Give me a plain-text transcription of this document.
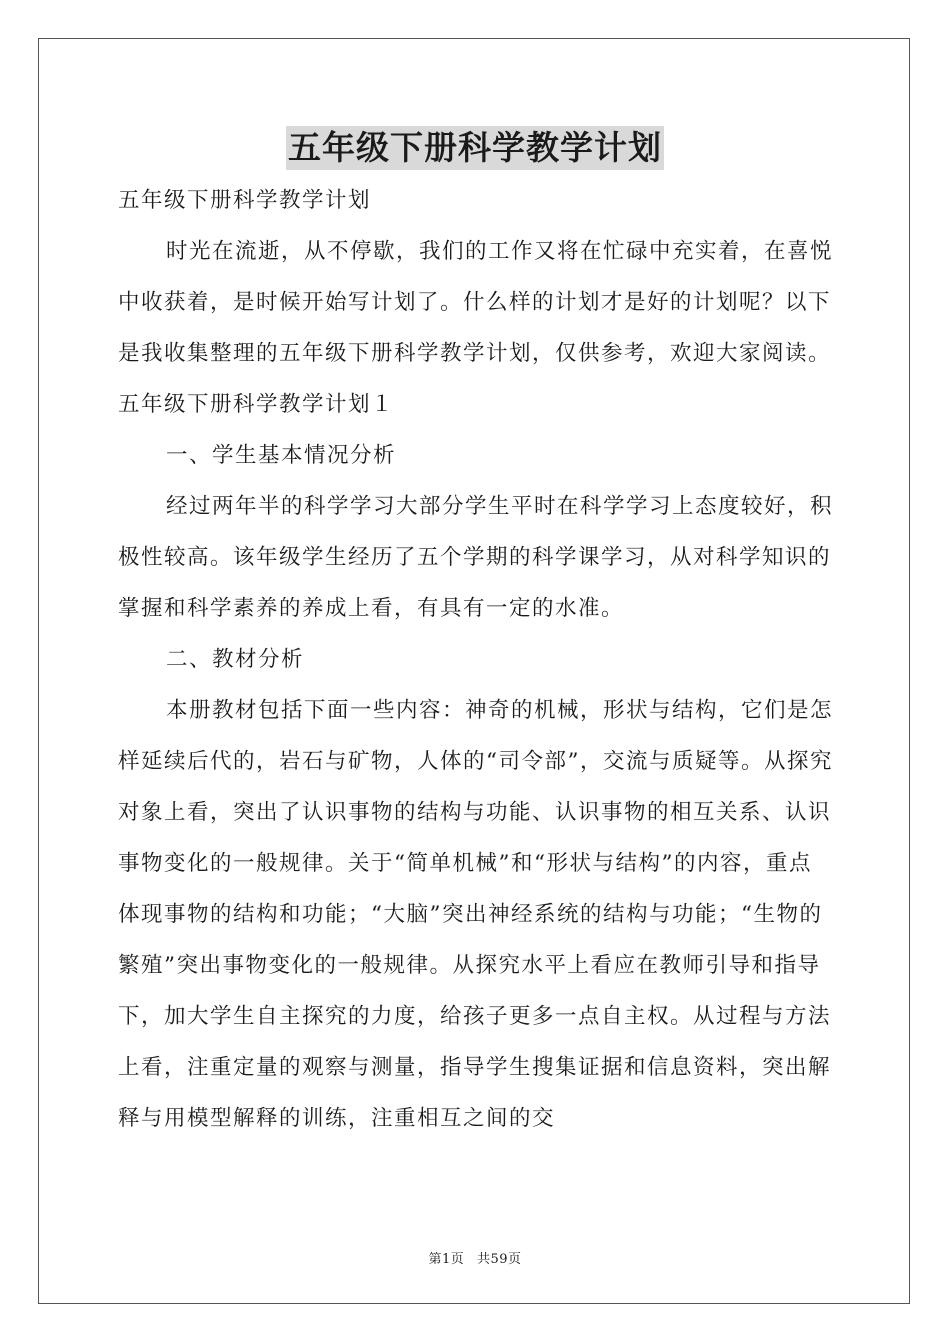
五年级下册科学教学计划

五年级下册科学教学计划

时光在流逝，从不停歇，我们的工作又将在忙碌中充实着，在喜悦中收获着，是时候开始写计划了。什么样的计划才是好的计划呢？以下是我收集整理的五年级下册科学教学计划，仅供参考，欢迎大家阅读。

五年级下册科学教学计划１

一、学生基本情况分析

经过两年半的科学学习大部分学生平时在科学学习上态度较好，积极性较高。该年级学生经历了五个学期的科学课学习，从对科学知识的掌握和科学素养的养成上看，有具有一定的水准。

二、教材分析

本册教材包括下面一些内容：神奇的机械，形状与结构，它们是怎样延续后代的，岩石与矿物，人体的“司令部”，交流与质疑等。从探究对象上看，突出了认识事物的结构与功能、认识事物的相互关系、认识事物变化的一般规律。关于“简单机械”和“形状与结构”的内容，重点体现事物的结构和功能；“大脑”突出神经系统的结构与功能；“生物的繁殖”突出事物变化的一般规律。从探究水平上看应在教师引导和指导下，加大学生自主探究的力度，给孩子更多一点自主权。从过程与方法上看，注重定量的观察与测量，指导学生搜集证据和信息资料，突出解释与用模型解释的训练，注重相互之间的交

第1页 共59页
